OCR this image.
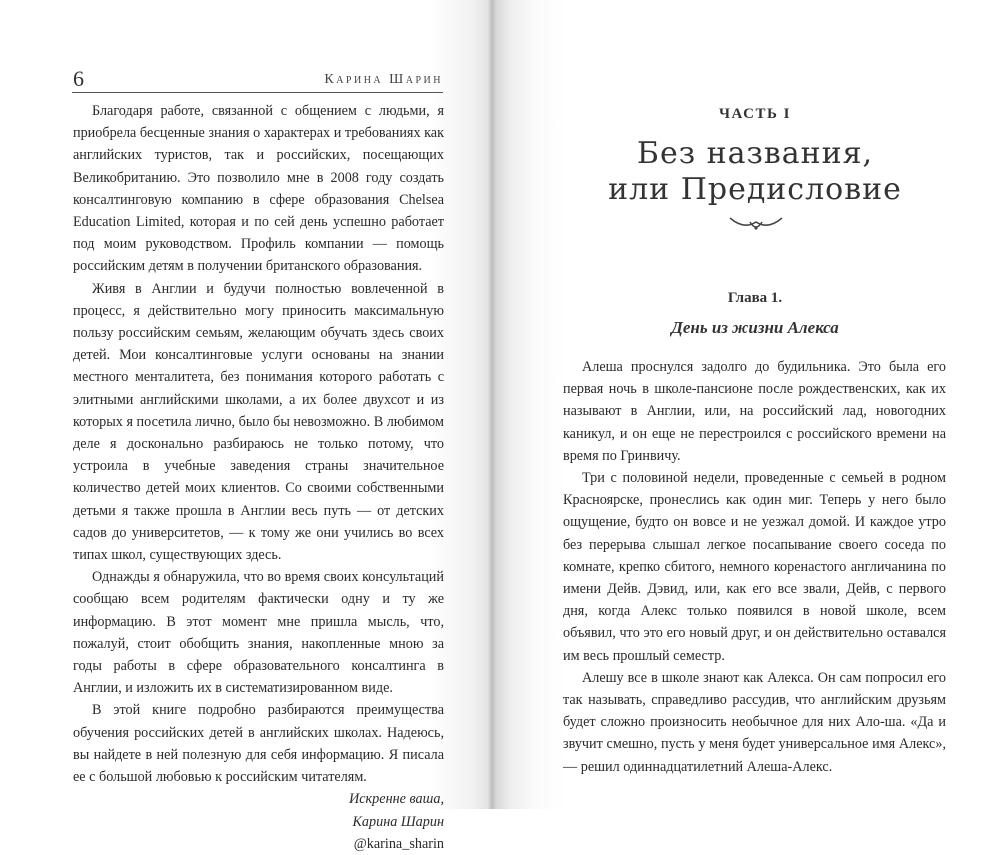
6	Карина Шарин

Благодаря работе, связанной с общением с людьми, я приобрела бесценные знания о характерах и требованиях как английских туристов, так и российских, посещающих Великобританию. Это позволило мне в 2008 году создать консалтинговую компанию в сфере образования Chelsea Education Limited, которая и по сей день успешно работает под моим руководством. Профиль компании — помощь российским детям в получении британского образования.

Живя в Англии и будучи полностью вовлеченной в процесс, я действительно могу приносить максимальную пользу российским семьям, желающим обучать здесь своих детей. Мои консалтинговые услуги основаны на знании местного менталитета, без понимания которого работать с элитными английскими школами, а их более двухсот и из которых я посетила лично, было бы невозможно. В любимом деле я досконально разбираюсь не только потому, что устроила в учебные заведения страны значительное количество детей моих клиентов. Со своими собственными детьми я также прошла в Англии весь путь — от детских садов до университетов, — к тому же они учились во всех типах школ, существующих здесь.

Однажды я обнаружила, что во время своих консультаций сообщаю всем родителям фактически одну и ту же информацию. В этот момент мне пришла мысль, что, пожалуй, стоит обобщить знания, накопленные мною за годы работы в сфере образовательного консалтинга в Англии, и изложить их в систематизированном виде.

В этой книге подробно разбираются преимущества обучения российских детей в английских школах. Надеюсь, вы найдете в ней полезную для себя информацию. Я писала ее с большой любовью к российским читателям.

Искренне ваша,

Карина Шарин

@karina_sharin

ЧАСТЬ I
Без названия,
или Предисловие
Глава 1.
День из жизни Алекса

Алеша проснулся задолго до будильника. Это была его первая ночь в школе-пансионе после рождественских, как их называют в Англии, или, на российский лад, новогодних каникул, и он еще не перестроился с российского времени на время по Гринвичу.

Три с половиной недели, проведенные с семьей в родном Красноярске, пронеслись как один миг. Теперь у него было ощущение, будто он вовсе и не уезжал домой. И каждое утро без перерыва слышал легкое посапывание своего соседа по комнате, крепко сбитого, немного коренастого англичанина по имени Дейв. Дэвид, или, как его все звали, Дейв, с первого дня, когда Алекс только появился в новой школе, всем объявил, что это его новый друг, и он действительно оставался им весь прошлый семестр.

Алешу все в школе знают как Алекса. Он сам попросил его так называть, справедливо рассудив, что английским друзьям будет сложно произносить необычное для них Ало-ша. «Да и звучит смешно, пусть у меня будет универсальное имя Алекс», — решил одиннадцатилетний Алеша-Алекс.
